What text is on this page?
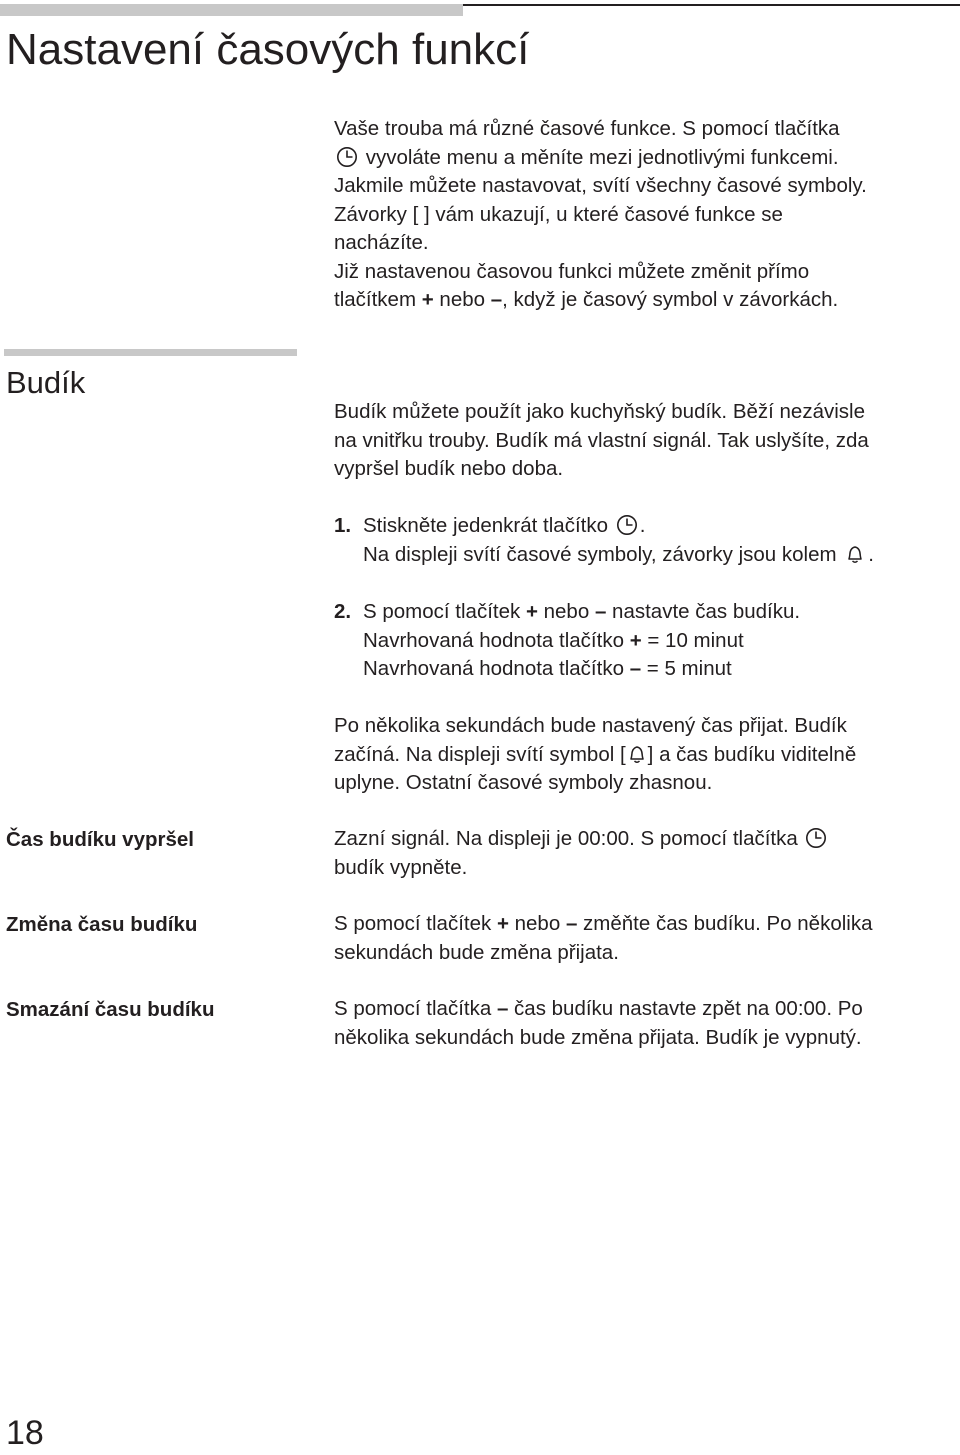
Nastavení časových funkcí

Vaše trouba má různé časové funkce. S pomocí tlačítka

vyvoláte menu a měníte mezi jednotlivými funkcemi.

Jakmile můžete nastavovat, svítí všechny časové symboly.

Závorky [ ] vám ukazují, u které časové funkce se

nacházíte.

Již nastavenou časovou funkci můžete změnit přímo

tlačítkem + nebo –, když je časový symbol v závorkách.

Budík

Budík můžete použít jako kuchyňský budík. Běží nezávisle

na vnitřku trouby. Budík má vlastní signál. Tak uslyšíte, zda

vypršel budík nebo doba.

1. Stiskněte jedenkrát tlačítko .
Na displeji svítí časové symboly, závorky jsou kolem .
2. S pomocí tlačítek + nebo – nastavte čas budíku.
Navrhovaná hodnota tlačítko + = 10 minut
Navrhovaná hodnota tlačítko – = 5 minut

Po několika sekundách bude nastavený čas přijat. Budík

začíná. Na displeji svítí symbol [ ] a čas budíku viditelně

uplyne. Ostatní časové symboly zhasnou.

Čas budíku vypršel	Zazní signál. Na displeji je 00:00. S pomocí tlačítka

budík vypněte.

Změna času budíku	S pomocí tlačítek + nebo – změňte čas budíku. Po několika

sekundách bude změna přijata.

Smazání času budíku	S pomocí tlačítka – čas budíku nastavte zpět na 00:00. Po

několika sekundách bude změna přijata. Budík je vypnutý.

18
